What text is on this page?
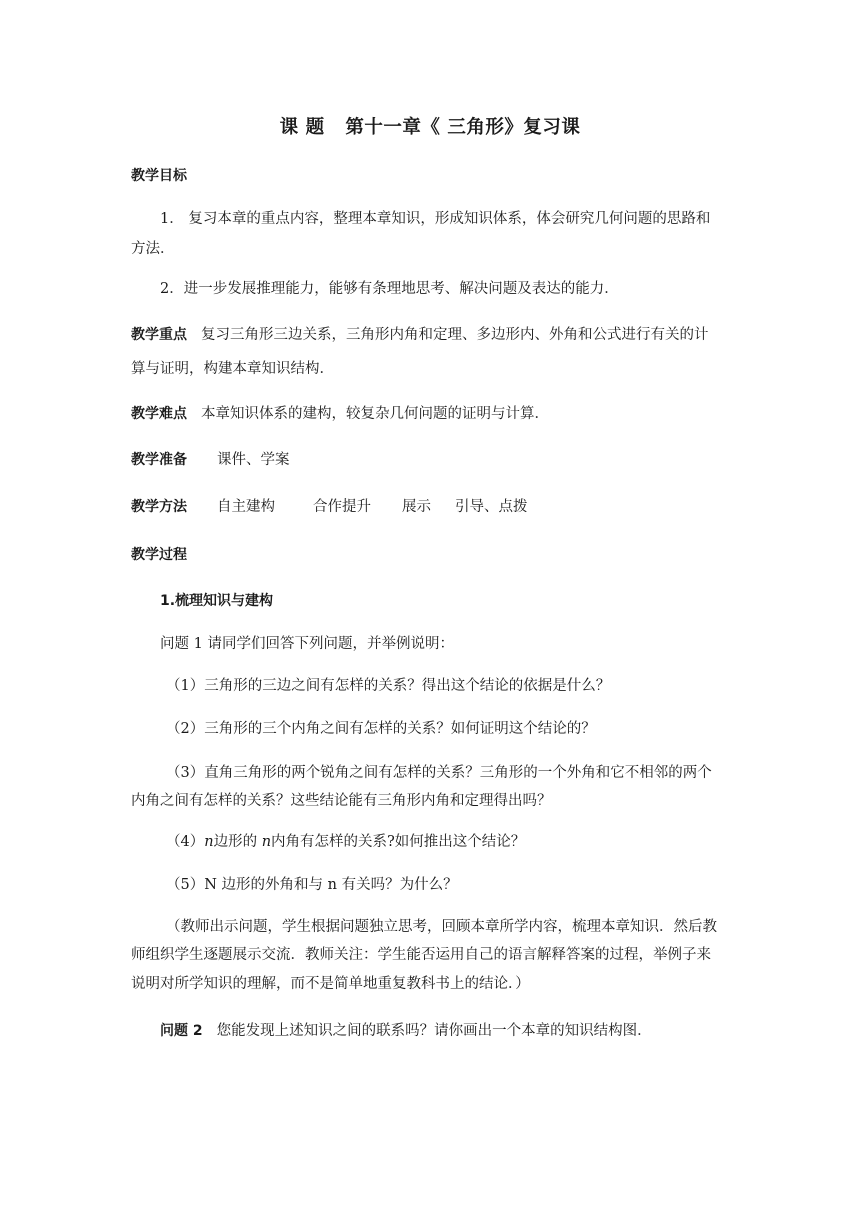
课 题   第十一章《 三角形》复习课
教学目标
1． 复习本章的重点内容，整理本章知识，形成知识体系，体会研究几何问题的思路和
方法．
2．进一步发展推理能力，能够有条理地思考、解决问题及表达的能力．
教学重点 复习三角形三边关系，三角形内角和定理、多边形内、外角和公式进行有关的计
算与证明，构建本章知识结构．
教学难点 本章知识体系的建构，较复杂几何问题的证明与计算．
教学准备 课件、学案
教学方法 自主建构	合作提升 展示 引导、点拨
教学过程
1.梳理知识与建构
问题 1 请同学们回答下列问题，并举例说明：
（1）三角形的三边之间有怎样的关系？得出这个结论的依据是什么？
（2）三角形的三个内角之间有怎样的关系？如何证明这个结论的？
（3）直角三角形的两个锐角之间有怎样的关系？三角形的一个外角和它不相邻的两个
内角之间有怎样的关系？这些结论能有三角形内角和定理得出吗？
（4）n边形的 n内角有怎样的关系?如何推出这个结论？
（5）N 边形的外角和与 n 有关吗？为什么？
（教师出示问题，学生根据问题独立思考，回顾本章所学内容，梳理本章知识．然后教
师组织学生逐题展示交流．教师关注：学生能否运用自己的语言解释答案的过程，举例子来
说明对所学知识的理解，而不是简单地重复教科书上的结论．）
问题 2 您能发现上述知识之间的联系吗？请你画出一个本章的知识结构图．
